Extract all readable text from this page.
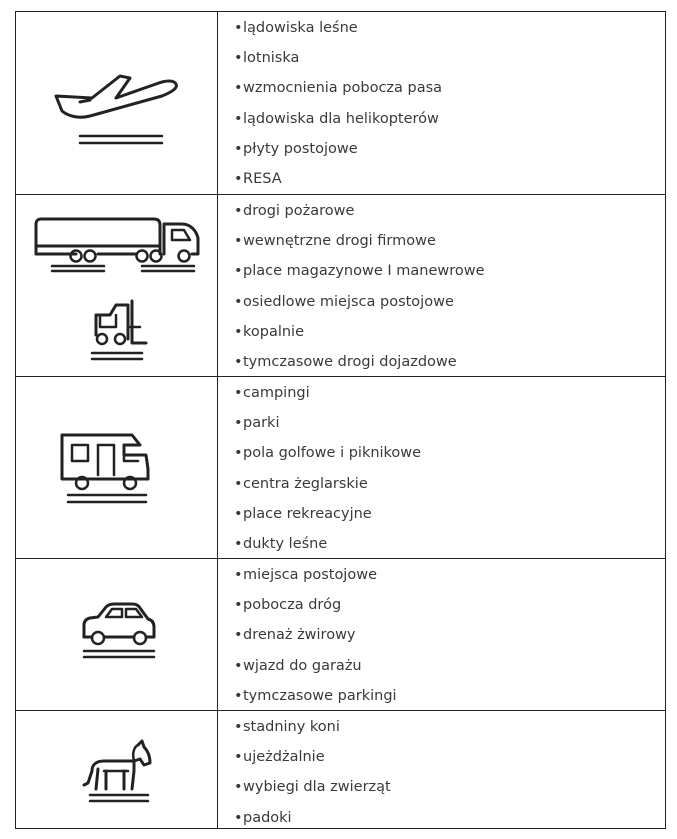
• lądowiska leśne
• lotniska
• wzmocnienia pobocza pasa
• lądowiska dla helikopterów
• płyty postojowe
• RESA
• drogi pożarowe
• wewnętrzne drogi firmowe
• place magazynowe I manewrowe
• osiedlowe miejsca postojowe
• kopalnie
• tymczasowe drogi dojazdowe
• campingi
• parki
• pola golfowe i piknikowe
• centra żeglarskie
• place rekreacyjne
• dukty leśne
• miejsca postojowe
• pobocza dróg
• drenaż żwirowy
• wjazd do garażu
• tymczasowe parkingi
• stadniny koni
• ujeżdżalnie
• wybiegi dla zwierząt
• padoki
